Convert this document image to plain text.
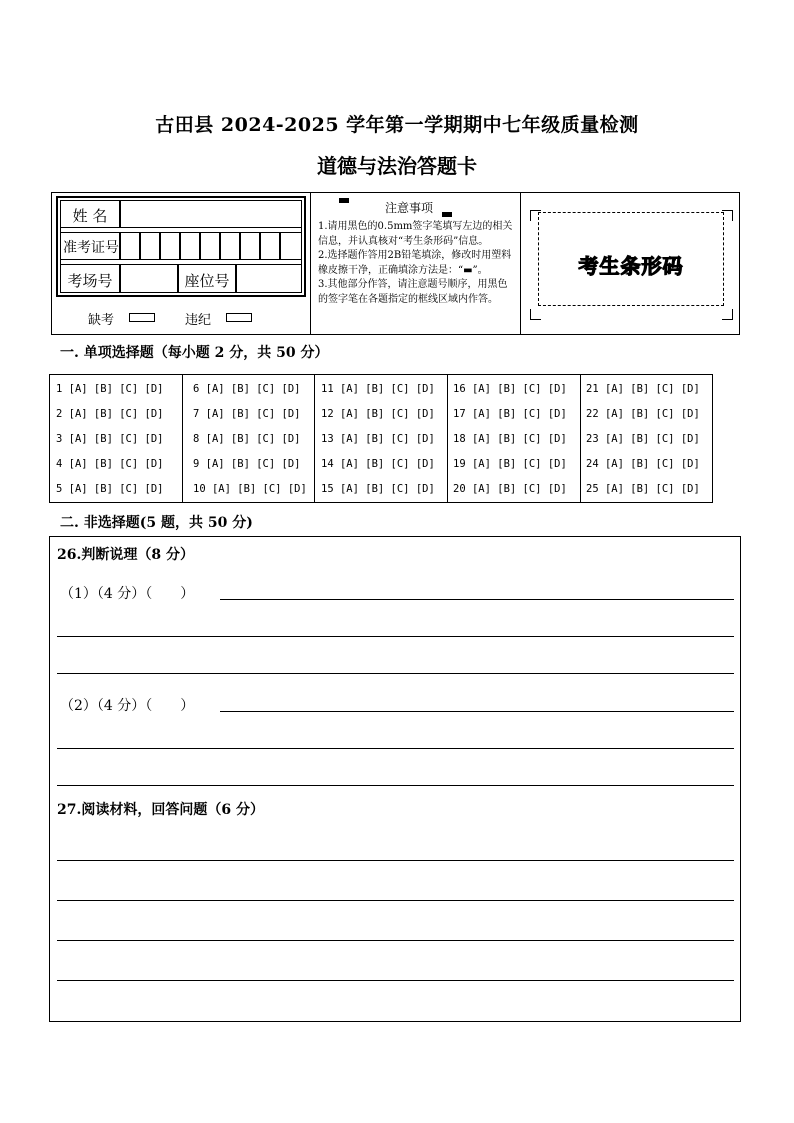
古田县 2024-2025 学年第一学期期中七年级质量检测
道德与法治答题卡
姓 名
准考证号
考场号	座位号
缺考	违纪
注意事项
1.请用黑色的0.5mm签字笔填写左边的相关信息，并认真核对“考生条形码”信息。
2.选择题作答用2B铅笔填涂，修改时用塑料橡皮擦干净，正确填涂方法是：“▬”。
3.其他部分作答，请注意题号顺序，用黑色的签字笔在各题指定的框线区域内作答。
考生条形码
一. 单项选择题（每小题 2 分，共 50 分）
1 [A] [B] [C] [D]
2 [A] [B] [C] [D]
3 [A] [B] [C] [D]
4 [A] [B] [C] [D]
5 [A] [B] [C] [D]
6 [A] [B] [C] [D]
7 [A] [B] [C] [D]
8 [A] [B] [C] [D]
9 [A] [B] [C] [D]
10 [A] [B] [C] [D]
11 [A] [B] [C] [D]
12 [A] [B] [C] [D]
13 [A] [B] [C] [D]
14 [A] [B] [C] [D]
15 [A] [B] [C] [D]
16 [A] [B] [C] [D]
17 [A] [B] [C] [D]
18 [A] [B] [C] [D]
19 [A] [B] [C] [D]
20 [A] [B] [C] [D]
21 [A] [B] [C] [D]
22 [A] [B] [C] [D]
23 [A] [B] [C] [D]
24 [A] [B] [C] [D]
25 [A] [B] [C] [D]
二. 非选择题(5 题，共 50 分)
26.判断说理（8 分）
（1）（4 分）（　　）
（2）（4 分）（　　）
27.阅读材料，回答问题（6 分）
